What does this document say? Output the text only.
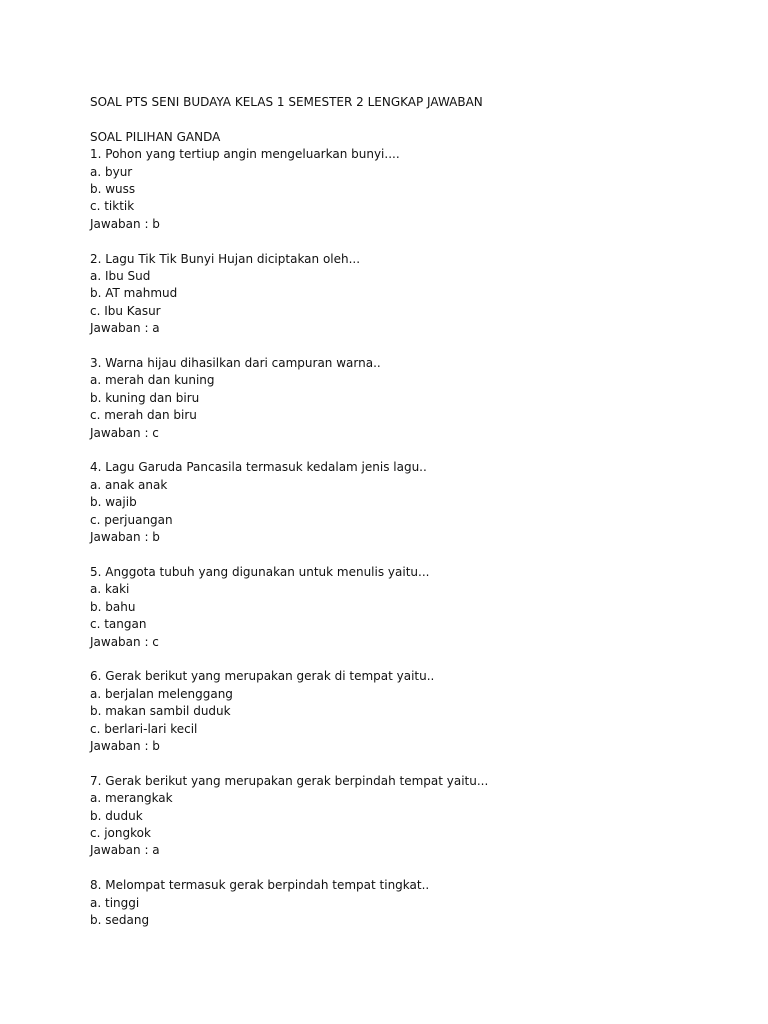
SOAL PTS SENI BUDAYA KELAS 1 SEMESTER 2 LENGKAP JAWABAN
SOAL PILIHAN GANDA
1. Pohon yang tertiup angin mengeluarkan bunyi....
a. byur
b. wuss
c. tiktik
Jawaban : b
2. Lagu Tik Tik Bunyi Hujan diciptakan oleh...
a. Ibu Sud
b. AT mahmud
c. Ibu Kasur
Jawaban : a
3. Warna hijau dihasilkan dari campuran warna..
a. merah dan kuning
b. kuning dan biru
c. merah dan biru
Jawaban : c
4. Lagu Garuda Pancasila termasuk kedalam jenis lagu..
a. anak anak
b. wajib
c. perjuangan
Jawaban : b
5. Anggota tubuh yang digunakan untuk menulis yaitu...
a. kaki
b. bahu
c. tangan
Jawaban : c
6. Gerak berikut yang merupakan gerak di tempat yaitu..
a. berjalan melenggang
b. makan sambil duduk
c. berlari-lari kecil
Jawaban : b
7. Gerak berikut yang merupakan gerak berpindah tempat yaitu...
a. merangkak
b. duduk
c. jongkok
Jawaban : a
8. Melompat termasuk gerak berpindah tempat tingkat..
a. tinggi
b. sedang
